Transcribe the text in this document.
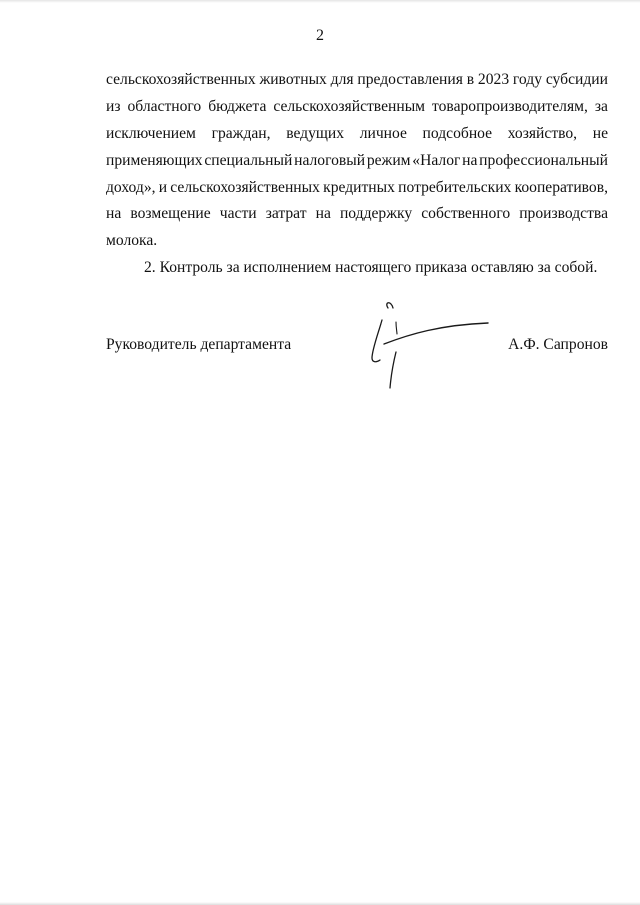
2
сельскохозяйственных животных для предоставления в 2023 году субсидии
из областного бюджета сельскохозяйственным товаропроизводителям, за
исключением граждан, ведущих личное подсобное хозяйство, не
применяющих специальный налоговый режим «Налог на профессиональный
доход», и сельскохозяйственных кредитных потребительских кооперативов,
на возмещение части затрат на поддержку собственного производства
молока.
2. Контроль за исполнением настоящего приказа оставляю за собой.
Руководитель департамента	А.Ф. Сапронов
